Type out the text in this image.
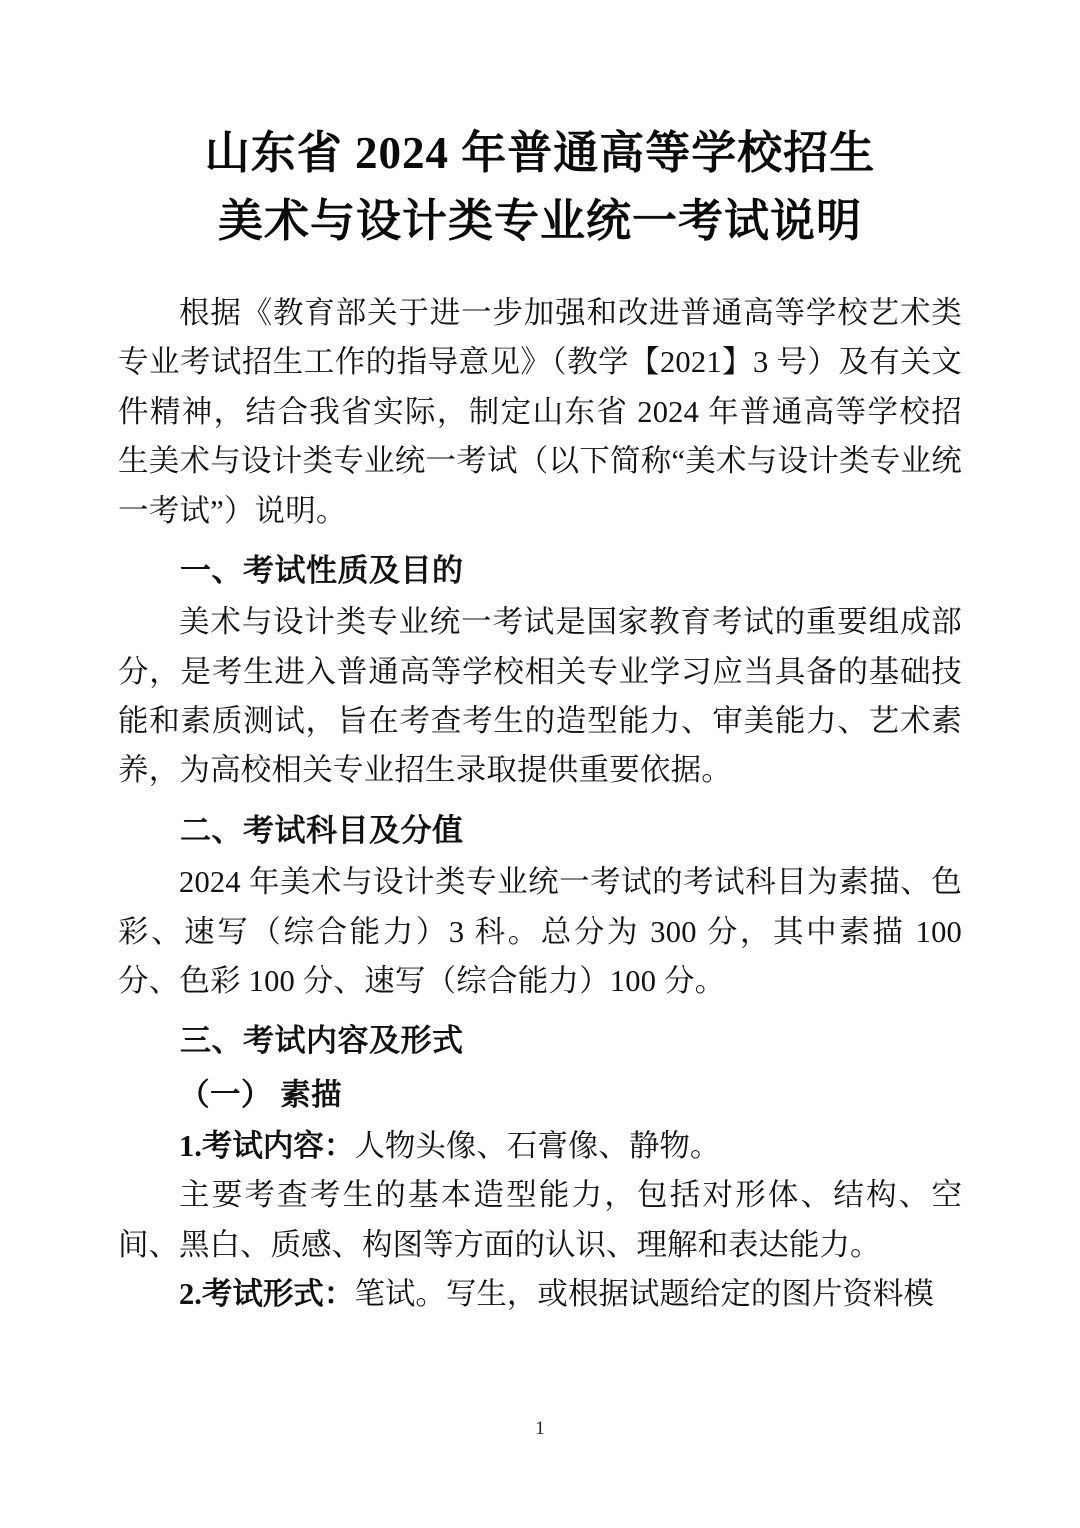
山东省 2024 年普通高等学校招生
美术与设计类专业统一考试说明

根据《教育部关于进一步加强和改进普通高等学校艺术类专业考试招生工作的指导意见》（教学【2021】3 号）及有关文件精神，结合我省实际，制定山东省 2024 年普通高等学校招生美术与设计类专业统一考试（以下简称“美术与设计类专业统一考试”）说明。

一、考试性质及目的

美术与设计类专业统一考试是国家教育考试的重要组成部分，是考生进入普通高等学校相关专业学习应当具备的基础技能和素质测试，旨在考查考生的造型能力、审美能力、艺术素养，为高校相关专业招生录取提供重要依据。

二、考试科目及分值

2024 年美术与设计类专业统一考试的考试科目为素描、色彩、速写（综合能力）3 科。总分为 300 分，其中素描 100 分、色彩 100 分、速写（综合能力）100 分。

三、考试内容及形式
（一） 素描

1.考试内容：人物头像、石膏像、静物。

主要考查考生的基本造型能力，包括对形体、结构、空间、黑白、质感、构图等方面的认识、理解和表达能力。

2.考试形式：笔试。写生，或根据试题给定的图片资料模

1
